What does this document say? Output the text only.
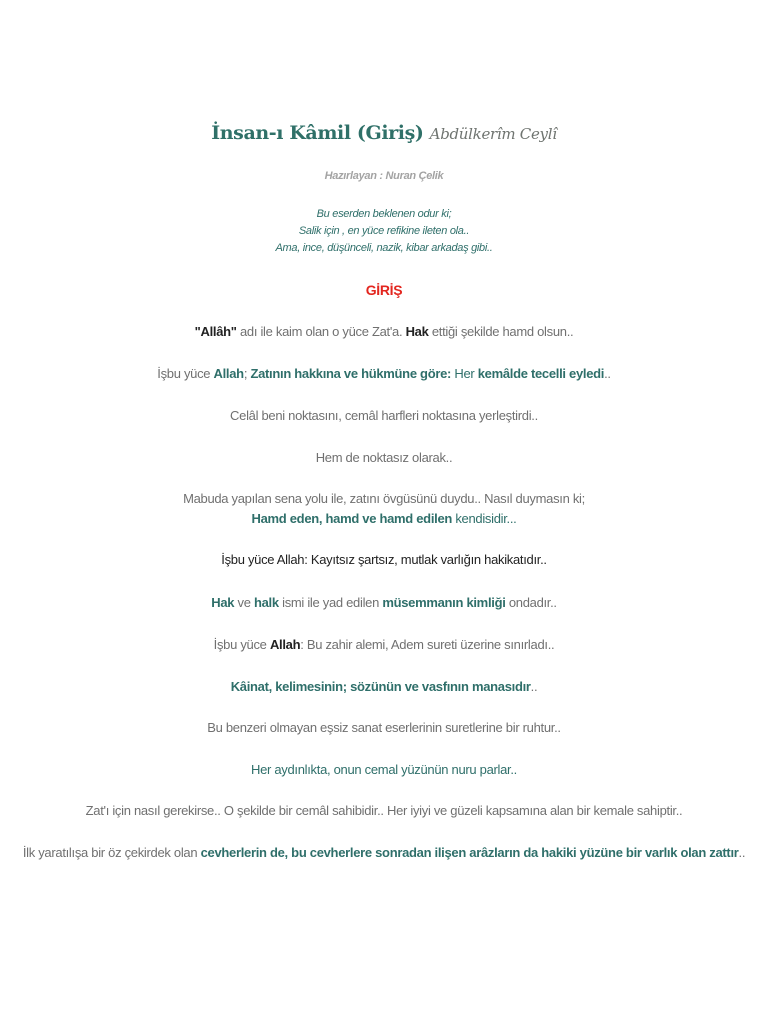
İnsan-ı Kâmil (Giriş) Abdülkerîm Ceylî
Hazırlayan : Nuran Çelik
Bu eserden beklenen odur ki;
Salik için , en yüce refikine ileten ola..
Ama, ince, düşünceli, nazik, kibar arkadaş gibi..
GİRİŞ
"Allâh" adı ile kaim olan o yüce Zat'a. Hak ettiği şekilde hamd olsun..
İşbu yüce Allah; Zatının hakkına ve hükmüne göre: Her kemâlde tecelli eyledi..
Celâl beni noktasını, cemâl harfleri noktasına yerleştirdi..
Hem de noktasız olarak..
Mabuda yapılan sena yolu ile, zatını övgüsünü duydu.. Nasıl duymasın ki;
Hamd eden, hamd ve hamd edilen kendisidir...
İşbu yüce Allah: Kayıtsız şartsız, mutlak varlığın hakikatıdır..
Hak ve halk ismi ile yad edilen müsemmanın kimliği ondadır..
İşbu yüce Allah: Bu zahir alemi, Adem sureti üzerine sınırladı..
Kâinat, kelimesinin; sözünün ve vasfının manasıdır..
Bu benzeri olmayan eşsiz sanat eserlerinin suretlerine bir ruhtur..
Her aydınlıkta, onun cemal yüzünün nuru parlar..
Zat'ı için nasıl gerekirse.. O şekilde bir cemâl sahibidir.. Her iyiyi ve güzeli kapsamına alan bir kemale sahiptir..
İlk yaratılışa bir öz çekirdek olan cevherlerin de, bu cevherlere sonradan ilişen arâzların da hakiki yüzüne bir varlık olan zattır..
